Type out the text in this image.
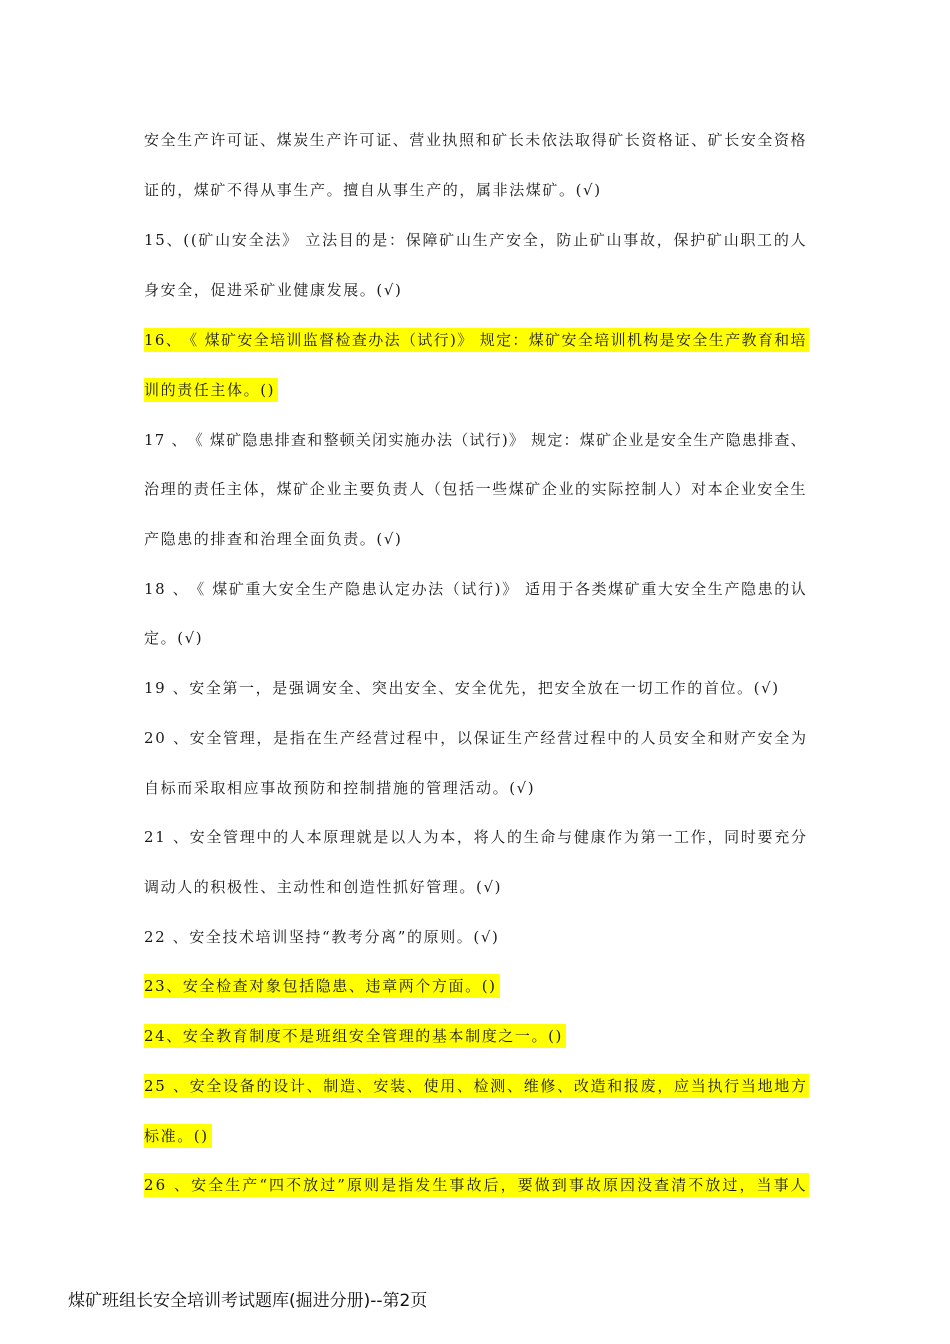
安 全 生 产 许 可 证 、 煤 炭 生 产 许 可 证 、 营 业 执 照 和 矿 长 未 依 法 取 得 矿 长 资 格 证 、 矿 长 安 全 资 格
证的，煤矿不得从事生产。擅自从事生产的，属非法煤矿。(√)
1 5 、 ( ( 矿 山 安 全 法 》
立 法 目 的 是 ： 保 障 矿 山 生 产 安 全 ， 防 止 矿 山 事 故 ， 保 护 矿 山 职 工 的 人
身安全，促进采矿业健康发展。(√)
1 6 、 《
煤 矿 安 全 培 训 监 督 检 查 办 法 （ 试 行 ) 》
规 定 ： 煤 矿 安 全 培 训 机 构 是 安 全 生 产 教 育 和 培
训的责任主体。()
1 7
、 《
煤 矿 隐 患 排 查 和 整 顿 关 闭 实 施 办 法 （ 试 行 ) 》
规 定 ： 煤 矿 企 业 是 安 全 生 产 隐 患 排 查 、
治 理 的 责 任 主 体 ， 煤 矿 企 业 主 要 负 责 人 （ 包 括 一 些 煤 矿 企 业 的 实 际 控 制 人 ） 对 本 企 业 安 全 生
产隐患的排查和治理全面负责。(√)
1 8
、 《
煤 矿 重 大 安 全 生 产 隐 患 认 定 办 法 （ 试 行 ) 》
适 用 于 各 类 煤 矿 重 大 安 全 生 产 隐 患 的 认
定。(√)
19 、安全第一，是强调安全、突出安全、安全优先，把安全放在一切工作的首位。(√)
2 0
、 安 全 管 理 ， 是 指 在 生 产 经 营 过 程 中 ， 以 保 证 生 产 经 营 过 程 中 的 人 员 安 全 和 财 产 安 全 为
自标而采取相应事故预防和控制措施的管理活动。(√)
2 1
、 安 全 管 理 中 的 人 本 原 理 就 是 以 人 为 本 ， 将 人 的 生 命 与 健 康 作 为 第 一 工 作 ， 同 时 要 充 分
调动人的积极性、主动性和创造性抓好管理。(√)
22 、安全技术培训坚持“教考分离”的原则。(√)
23、安全检查对象包括隐患、违章两个方面。()
24、安全教育制度不是班组安全管理的基本制度之一。()
2 5
、 安 全 设 备 的 设 计 、 制 造 、 安 装 、 使 用 、 检 测 、 维 修 、 改 造 和 报 废 ， 应 当 执 行 当 地 地 方
标准。()
2 6
、 安 全 生 产 “ 四 不 放 过 ” 原 则 是 指 发 生 事 故 后 ， 要 做 到 事 故 原 因 没 查 清 不 放 过 ， 当 事 人
煤矿班组长安全培训考试题库(掘进分册)--第2页
